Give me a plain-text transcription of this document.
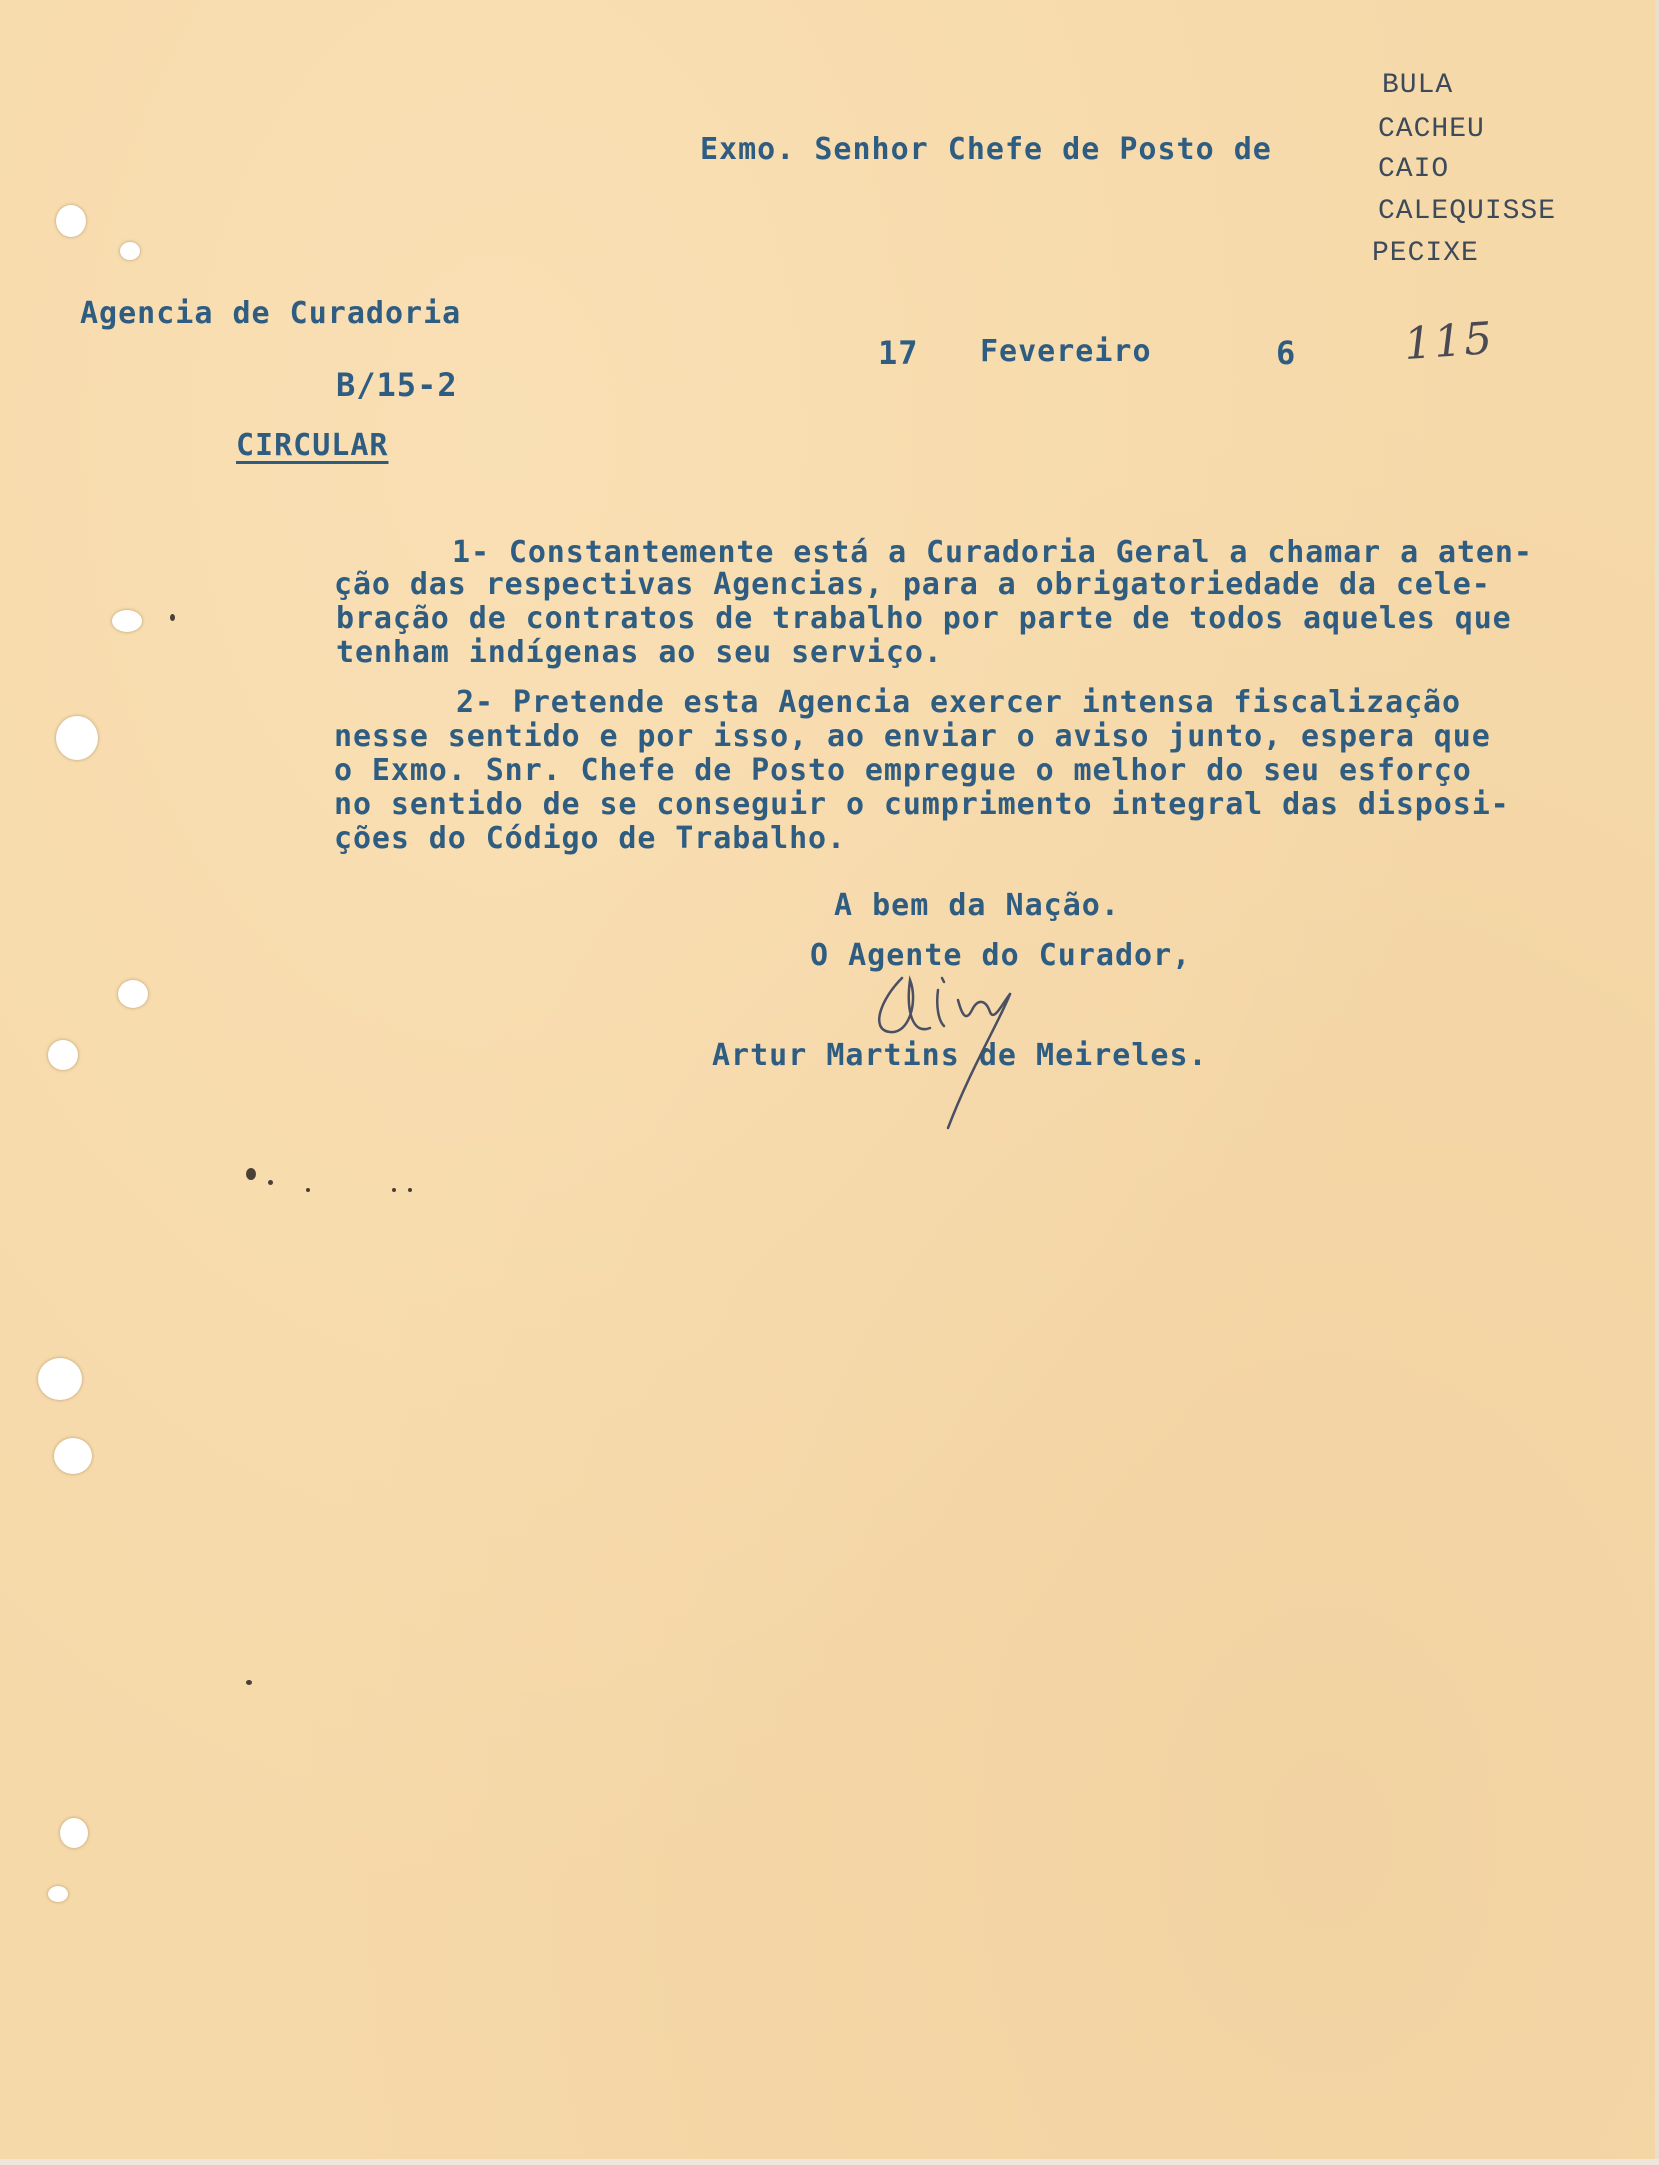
Exmo. Senhor Chefe de Posto de
BULA
CACHEU
CAIO
CALEQUISSE
PECIXE
Agencia de Curadoria
B/15-2
17 Fevereiro	6 115
CIRCULAR
1- Constantemente está a Curadoria Geral a chamar a aten-
ção das respectivas Agencias, para a obrigatoriedade da cele-
bração de contratos de trabalho por parte de todos aqueles que
tenham indígenas ao seu serviço.
2- Pretende esta Agencia exercer intensa fiscalização
nesse sentido e por isso, ao enviar o aviso junto, espera que
o Exmo. Snr. Chefe de Posto empregue o melhor do seu esforço
no sentido de se conseguir o cumprimento integral das disposi-
ções do Código de Trabalho.
A bem da Nação.
O Agente do Curador,
Artur Martins de Meireles.
